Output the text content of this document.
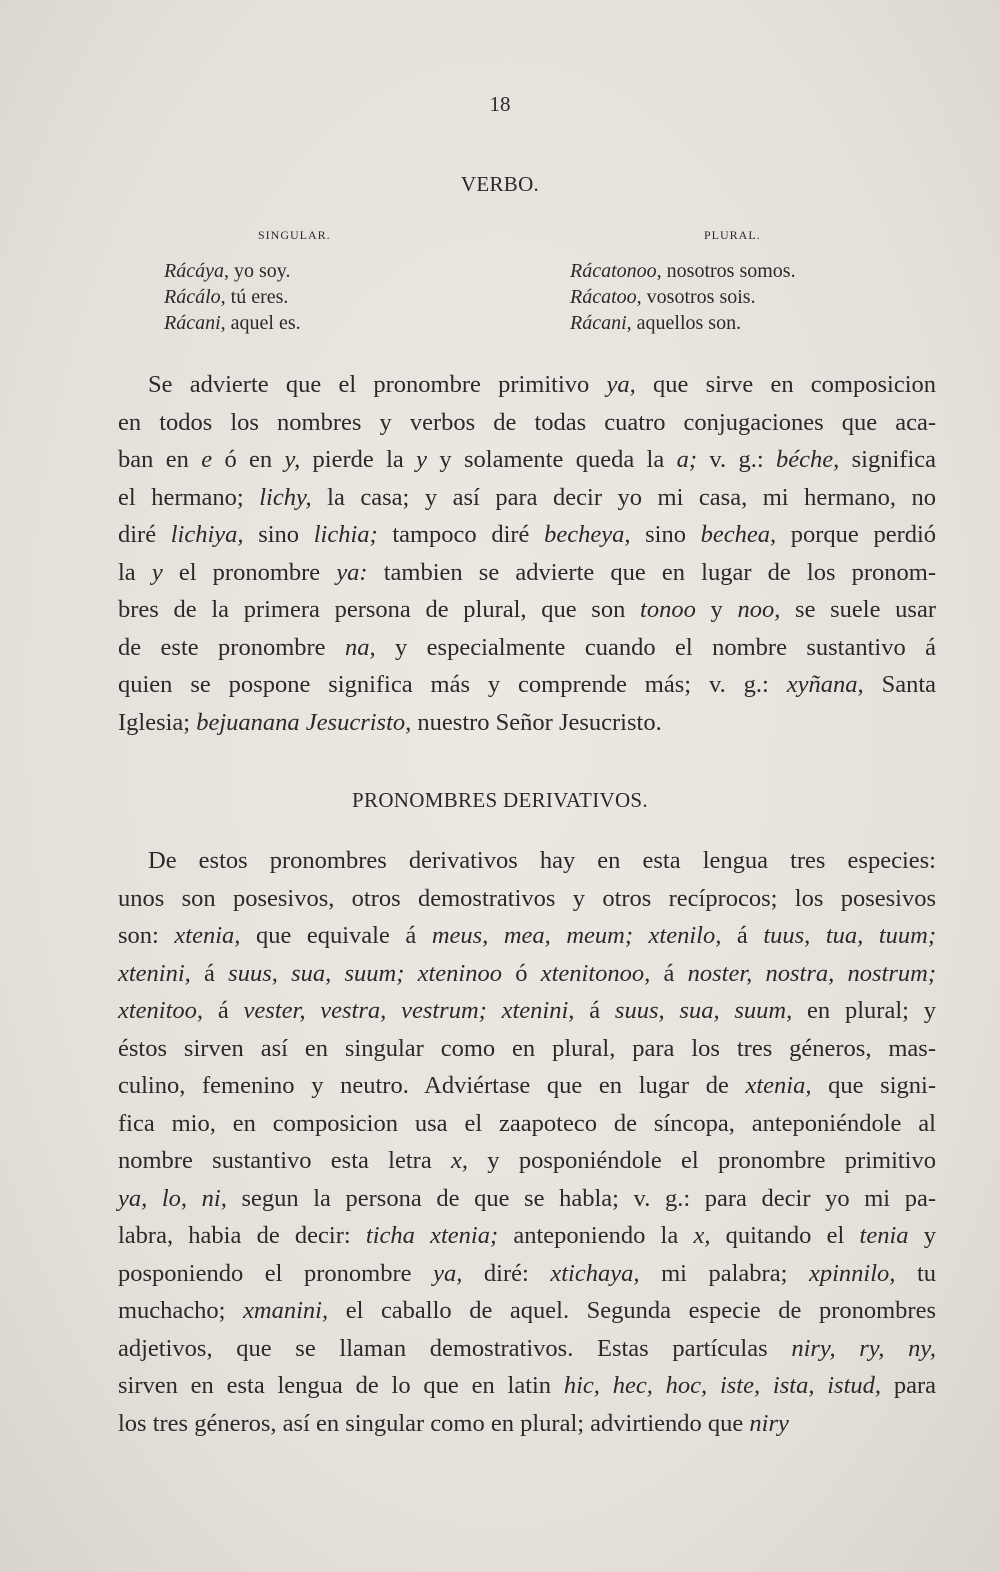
18
VERBO.
SINGULAR.	PLURAL.
Rácáya, yo soy.
Rácálo, tú eres.
Rácani, aquel es.
Rácatonoo, nosotros somos.
Rácatoo, vosotros sois.
Rácani, aquellos son.
Se advierte que el pronombre primitivo ya, que sirve en composicion
en todos los nombres y verbos de todas cuatro conjugaciones que aca-
ban en e ó en y, pierde la y y solamente queda la a; v. g.: béche, significa
el hermano; lichy, la casa; y así para decir yo mi casa, mi hermano, no
diré lichiya, sino lichia; tampoco diré becheya, sino bechea, porque perdió
la y el pronombre ya: tambien se advierte que en lugar de los pronom-
bres de la primera persona de plural, que son tonoo y noo, se suele usar
de este pronombre na, y especialmente cuando el nombre sustantivo á
quien se pospone significa más y comprende más; v. g.: xyñana, Santa
Iglesia; bejuanana Jesucristo, nuestro Señor Jesucristo.
PRONOMBRES DERIVATIVOS.
De estos pronombres derivativos hay en esta lengua tres especies:
unos son posesivos, otros demostrativos y otros recíprocos; los posesivos
son: xtenia, que equivale á meus, mea, meum; xtenilo, á tuus, tua, tuum;
xtenini, á suus, sua, suum; xteninoo ó xtenitonoo, á noster, nostra, nostrum;
xtenitoo, á vester, vestra, vestrum; xtenini, á suus, sua, suum, en plural; y
éstos sirven así en singular como en plural, para los tres géneros, mas-
culino, femenino y neutro. Adviértase que en lugar de xtenia, que signi-
fica mio, en composicion usa el zaapoteco de síncopa, anteponiéndole al
nombre sustantivo esta letra x, y posponiéndole el pronombre primitivo
ya, lo, ni, segun la persona de que se habla; v. g.: para decir yo mi pa-
labra, habia de decir: ticha xtenia; anteponiendo la x, quitando el tenia y
posponiendo el pronombre ya, diré: xtichaya, mi palabra; xpinnilo, tu
muchacho; xmanini, el caballo de aquel. Segunda especie de pronombres
adjetivos, que se llaman demostrativos. Estas partículas niry, ry, ny,
sirven en esta lengua de lo que en latin hic, hec, hoc, iste, ista, istud, para
los tres géneros, así en singular como en plural; advirtiendo que niry
